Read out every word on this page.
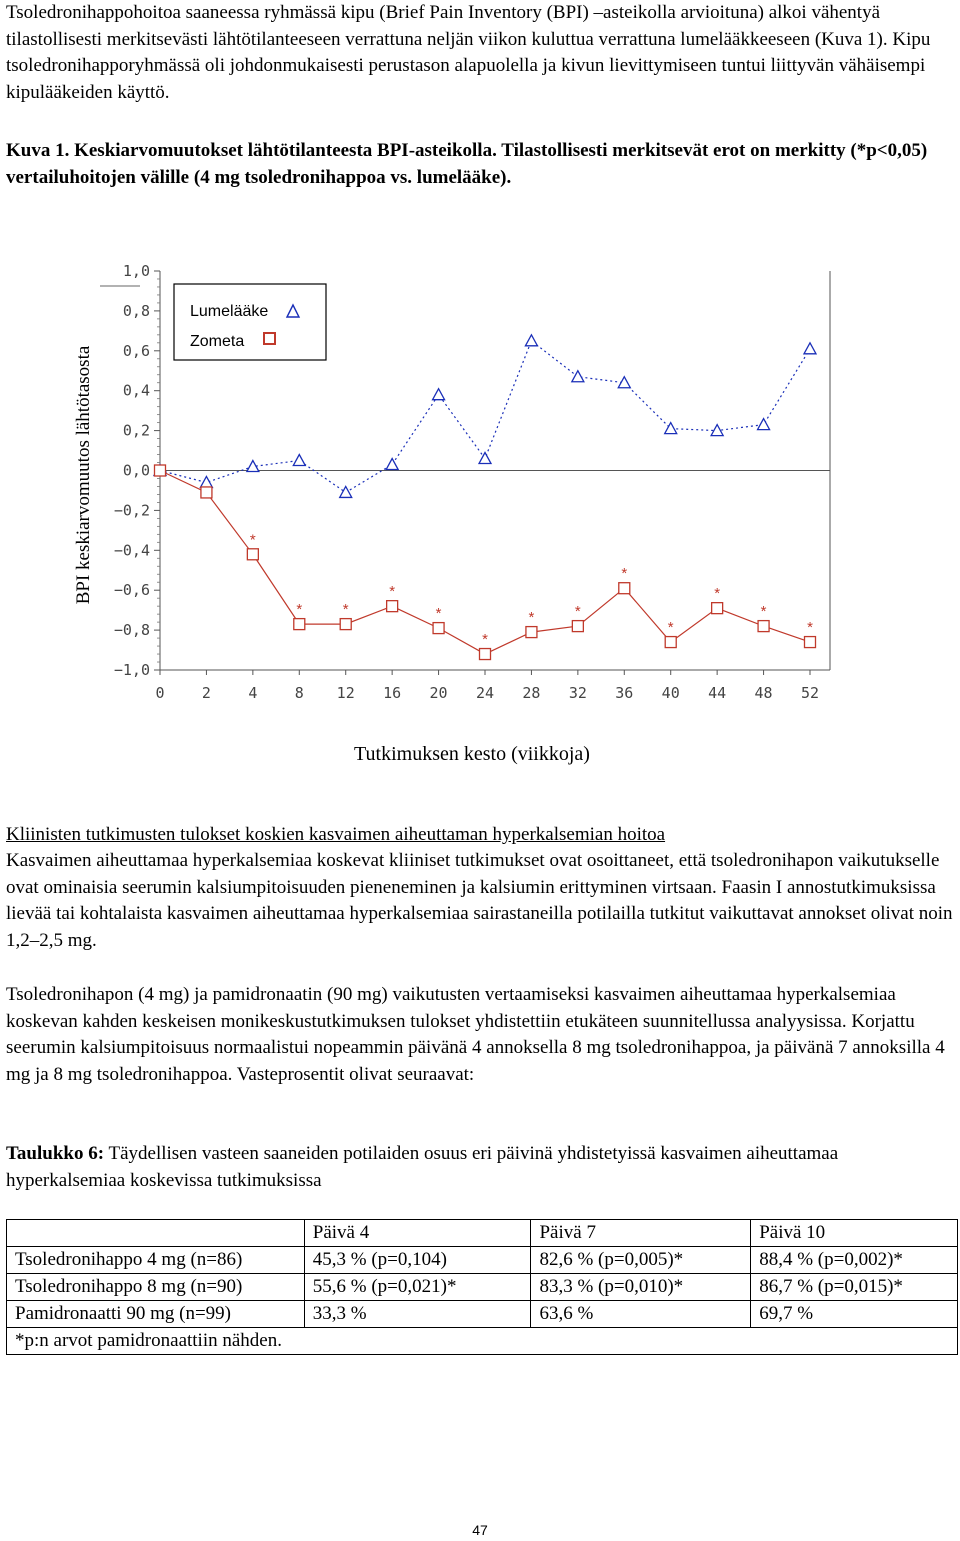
Tsoledronihappohoitoa saaneessa ryhmässä kipu (Brief Pain Inventory (BPI) –asteikolla arvioituna) alkoi vähentyä tilastollisesti merkitsevästi lähtötilanteeseen verrattuna neljän viikon kuluttua verrattuna lumelääkkeeseen (Kuva 1). Kipu tsoledronihapporyhmässä oli johdonmukaisesti perustason alapuolella ja kivun lievittymiseen tuntui liittyvän vähäisempi kipulääkeiden käyttö.

Kuva 1. Keskiarvomuutokset lähtötilanteesta BPI-asteikolla. Tilastollisesti merkitsevät erot on merkitty (*p<0,05) vertailuhoitojen välille (4 mg tsoledronihappoa vs. lumelääke).

BPI keskiarvomuutos lähtötasosta
1,0
0,8
0,6
0,4
0,2
0,0
−0,2
−0,4
−0,6
−0,8
−1,0
0 2 4 8 12 16 20 24 28 32 36 40 44 48 52
*
*	*
*
*
*
*	*
*
*
*
*
*
Lumelääke
Zometa
Tutkimuksen kesto (viikkoja)

Kliinisten tutkimusten tulokset koskien kasvaimen aiheuttaman hyperkalsemian hoitoa

Kasvaimen aiheuttamaa hyperkalsemiaa koskevat kliiniset tutkimukset ovat osoittaneet, että tsoledronihapon vaikutukselle ovat ominaisia seerumin kalsiumpitoisuuden pieneneminen ja kalsiumin erittyminen virtsaan. Faasin I annostutkimuksissa lievää tai kohtalaista kasvaimen aiheuttamaa hyperkalsemiaa sairastaneilla potilailla tutkitut vaikuttavat annokset olivat noin 1,2–2,5 mg.

Tsoledronihapon (4 mg) ja pamidronaatin (90 mg) vaikutusten vertaamiseksi kasvaimen aiheuttamaa hyperkalsemiaa koskevan kahden keskeisen monikeskustutkimuksen tulokset yhdistettiin etukäteen suunnitellussa analyysissa. Korjattu seerumin kalsiumpitoisuus normaalistui nopeammin päivänä 4 annoksella 8 mg tsoledronihappoa, ja päivänä 7 annoksilla 4 mg ja 8 mg tsoledronihappoa. Vasteprosentit olivat seuraavat:

Taulukko 6: Täydellisen vasteen saaneiden potilaiden osuus eri päivinä yhdistetyissä kasvaimen aiheuttamaa hyperkalsemiaa koskevissa tutkimuksissa

	Päivä 4	Päivä 7	Päivä 10
Tsoledronihappo 4 mg (n=86)	45,3 % (p=0,104)	82,6 % (p=0,005)*	88,4 % (p=0,002)*
Tsoledronihappo 8 mg (n=90)	55,6 % (p=0,021)*	83,3 % (p=0,010)*	86,7 % (p=0,015)*
Pamidronaatti 90 mg (n=99)	33,3 %	63,6 %	69,7 %
*p:n arvot pamidronaattiin nähden.			
47
